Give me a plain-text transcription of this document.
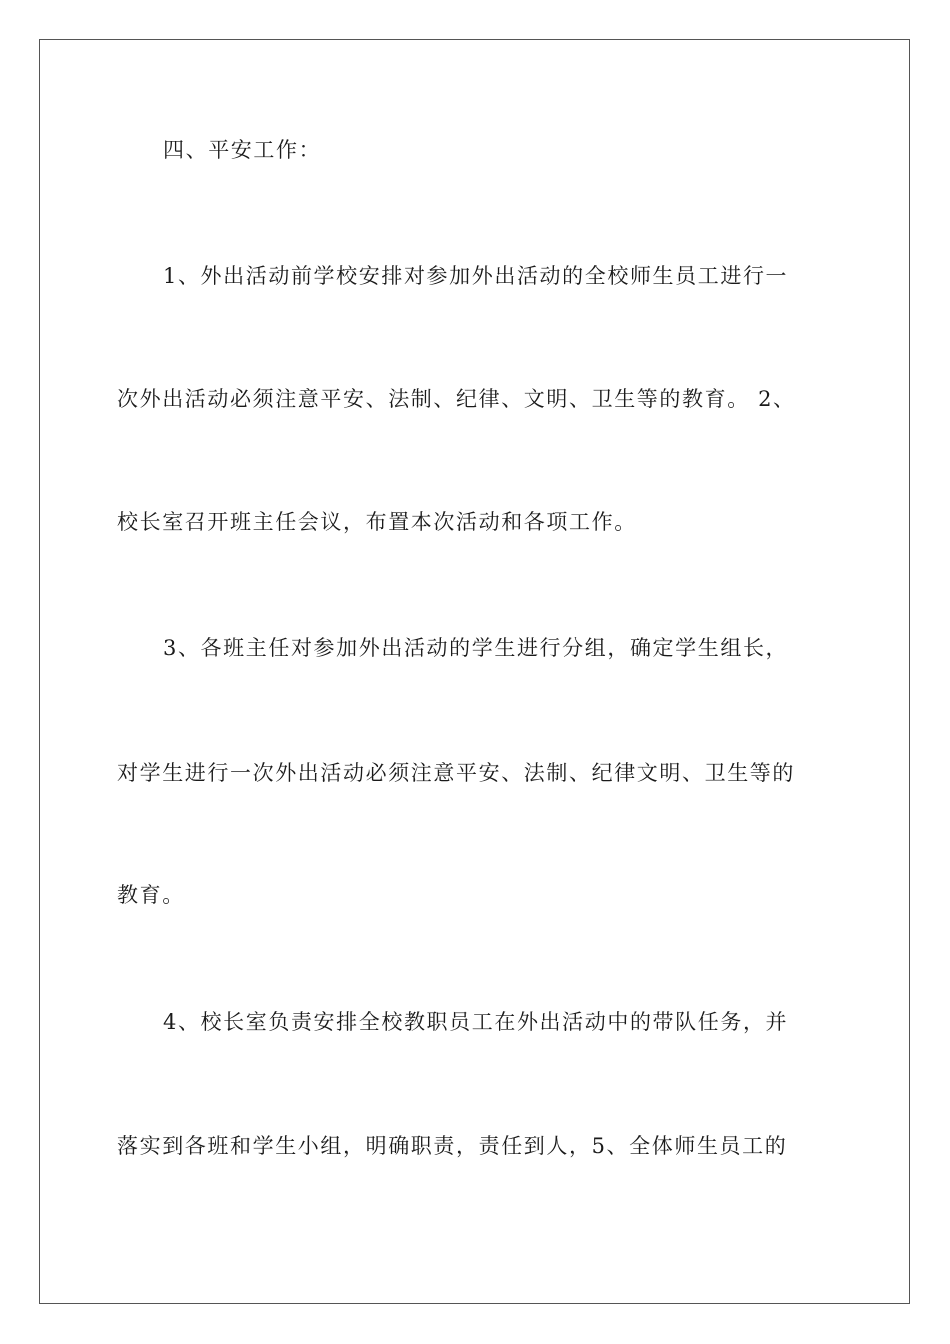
四、平安工作：
1、外出活动前学校安排对参加外出活动的全校师生员工进行一
次外出活动必须注意平安、法制、纪律、文明、卫生等的教育。 2、
校长室召开班主任会议，布置本次活动和各项工作。
3、各班主任对参加外出活动的学生进行分组，确定学生组长，
对学生进行一次外出活动必须注意平安、法制、纪律文明、卫生等的
教育。
4、校长室负责安排全校教职员工在外出活动中的带队任务，并
落实到各班和学生小组，明确职责，责任到人，5、全体师生员工的
